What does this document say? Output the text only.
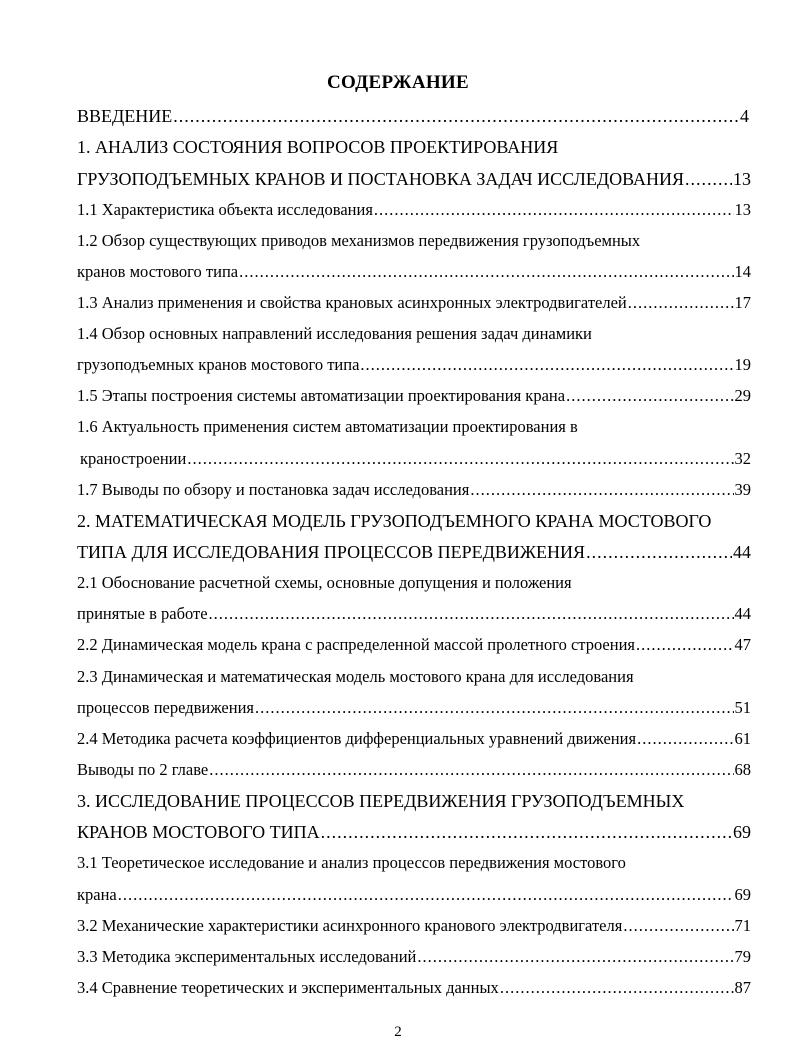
СОДЕРЖАНИЕ
ВВЕДЕНИЕ .....	4
1. АНАЛИЗ СОСТОЯНИЯ ВОПРОСОВ ПРОЕКТИРОВАНИЯ
ГРУЗОПОДЪЕМНЫХ КРАНОВ И ПОСТАНОВКА ЗАДАЧ ИССЛЕДОВАНИЯ .....	13
1.1 Характеристика объекта исследования .....	13
1.2 Обзор существующих приводов механизмов передвижения грузоподъемных
кранов мостового типа .....	14
1.3 Анализ применения и свойства крановых асинхронных электродвигателей .....	17
1.4 Обзор основных направлений исследования решения задач динамики
грузоподъемных кранов мостового типа .....	19
1.5 Этапы построения системы автоматизации проектирования крана .....	29
1.6 Актуальность применения систем автоматизации проектирования в
краностроении .....	32
1.7 Выводы по обзору и постановка задач исследования .....	39
2. МАТЕМАТИЧЕСКАЯ МОДЕЛЬ ГРУЗОПОДЪЕМНОГО КРАНА МОСТОВОГО
ТИПА ДЛЯ ИССЛЕДОВАНИЯ ПРОЦЕССОВ ПЕРЕДВИЖЕНИЯ .....	44
2.1 Обоснование расчетной схемы, основные допущения и положения
принятые в работе .....	44
2.2 Динамическая модель крана с распределенной массой пролетного строения .....	47
2.3 Динамическая и математическая модель мостового крана для исследования
процессов передвижения .....	51
2.4 Методика расчета коэффициентов дифференциальных уравнений движения .....	61
Выводы по 2 главе .....	68
3. ИССЛЕДОВАНИЕ ПРОЦЕССОВ ПЕРЕДВИЖЕНИЯ ГРУЗОПОДЪЕМНЫХ
КРАНОВ МОСТОВОГО ТИПА .....	69
3.1 Теоретическое исследование и анализ процессов передвижения мостового
крана .....	69
3.2 Механические характеристики асинхронного кранового электродвигателя .....	71
3.3 Методика экспериментальных исследований .....	79
3.4 Сравнение теоретических и экспериментальных данных .....	87
2
